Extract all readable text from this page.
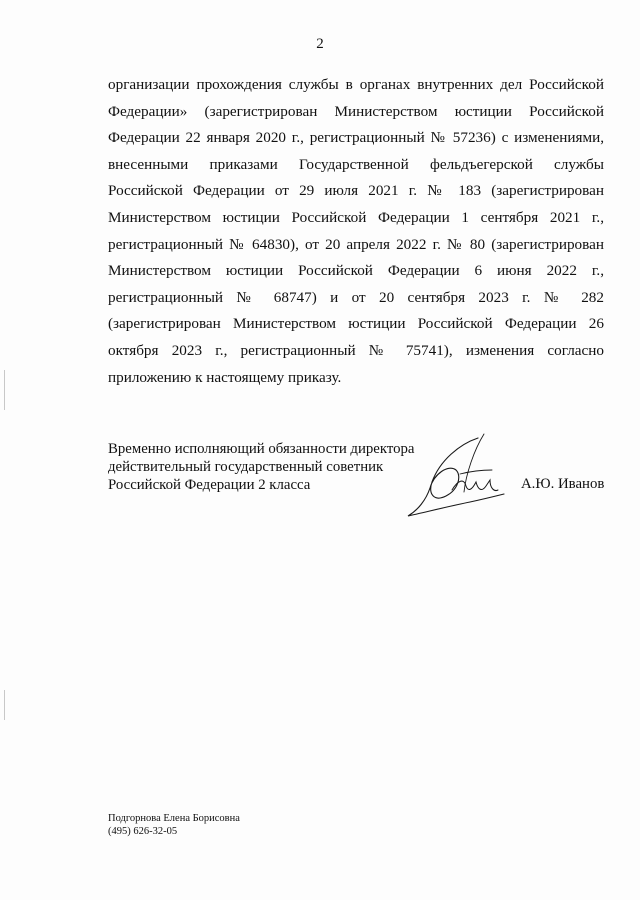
2

организации прохождения службы в органах внутренних дел Российской Федерации» (зарегистрирован Министерством юстиции Российской Федерации 22 января 2020 г., регистрационный № 57236) с изменениями, внесенными приказами Государственной фельдъегерской службы Российской Федерации от 29 июля 2021 г. № 183 (зарегистрирован Министерством юстиции Российской Федерации 1 сентября 2021 г., регистрационный № 64830), от 20 апреля 2022 г. № 80 (зарегистрирован Министерством юстиции Российской Федерации 6 июня 2022 г., регистрационный № 68747) и от 20 сентября 2023 г. № 282 (зарегистрирован Министерством юстиции Российской Федерации 26 октября 2023 г., регистрационный № 75741), изменения согласно приложению к настоящему приказу.

Временно исполняющий обязанности директора
действительный государственный советник
Российской Федерации 2 класса	А.Ю. Иванов
Подгорнова Елена Борисовна
(495) 626-32-05
